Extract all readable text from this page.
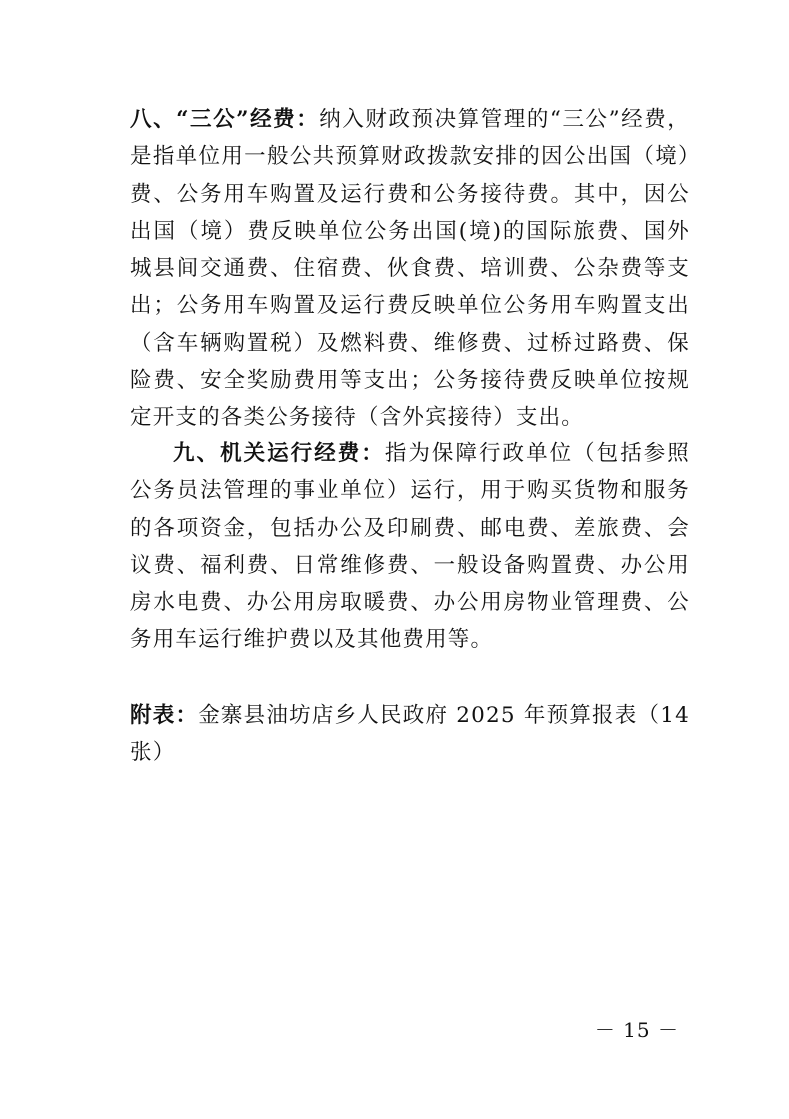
八、“三公”经费：纳入财政预决算管理的“三公”经费，是指单位用一般公共预算财政拨款安排的因公出国（境）费、公务用车购置及运行费和公务接待费。其中，因公出国（境）费反映单位公务出国(境)的国际旅费、国外城县间交通费、住宿费、伙食费、培训费、公杂费等支出；公务用车购置及运行费反映单位公务用车购置支出（含车辆购置税）及燃料费、维修费、过桥过路费、保险费、安全奖励费用等支出；公务接待费反映单位按规定开支的各类公务接待（含外宾接待）支出。

九、机关运行经费：指为保障行政单位（包括参照公务员法管理的事业单位）运行，用于购买货物和服务的各项资金，包括办公及印刷费、邮电费、差旅费、会议费、福利费、日常维修费、一般设备购置费、办公用房水电费、办公用房取暖费、办公用房物业管理费、公务用车运行维护费以及其他费用等。

附表：金寨县油坊店乡人民政府 2025 年预算报表（14 张）

－ 15 －
